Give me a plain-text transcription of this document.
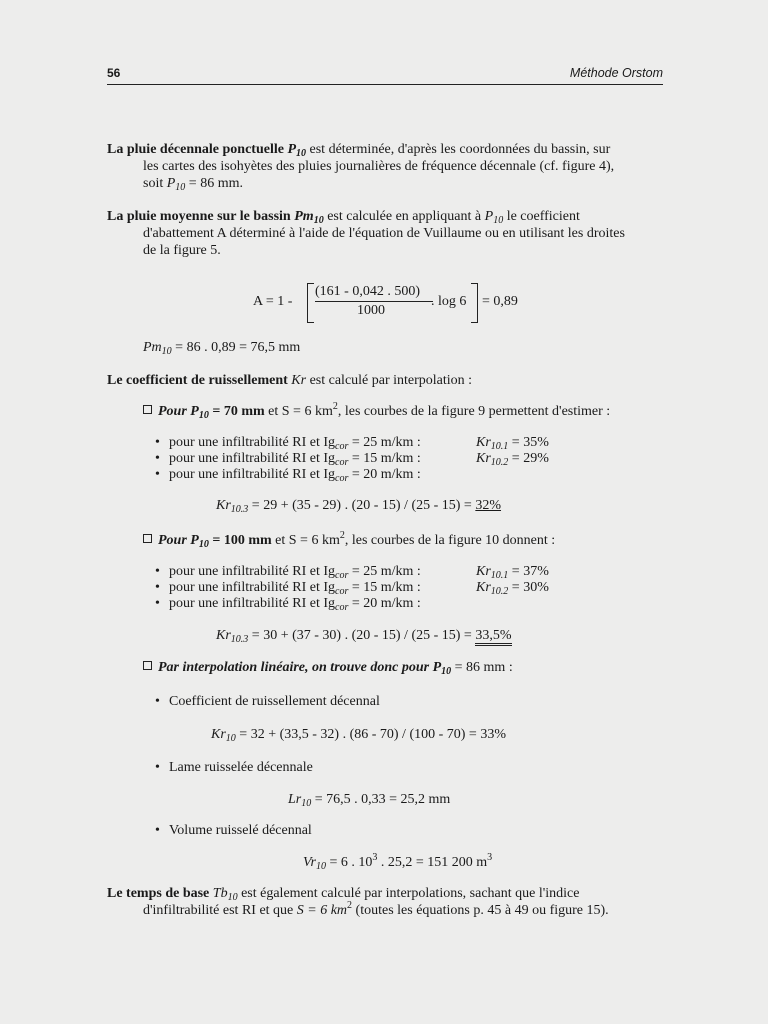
56	Méthode Orstom
La pluie décennale ponctuelle $P_{10}$ est déterminée, d'après les coordonnées du bassin, sur
les cartes des isohyètes des pluies journalières de fréquence décennale (cf. figure 4),
soit $P_{10} = 86$ mm.
La pluie moyenne sur le bassin $Pm_{10}$ est calculée en appliquant à $P_{10}$ le coefficient
d'abattement A déterminé à l'aide de l'équation de Vuillaume ou en utilisant les droites
de la figure 5.
A = 1 -
(161 - 0,042 . 500)
1000
. log 6 = 0,89
$Pm_{10} = 86$ . 0,89 = 76,5 mm
Le coefficient de ruissellement Kr est calculé par interpolation :
Pour $P_{10} = 70$ mm et S = 6 $km^2$, les courbes de la figure 9 permettent d'estimer :
• pour une infiltrabilité RI et $Ig_{cor} = 25$ m/km :	$Kr_{10.1} = 35\%$
• pour une infiltrabilité RI et $Ig_{cor} = 15$ m/km :	$Kr_{10.2} = 29\%$
• pour une infiltrabilité RI et $Ig_{cor} = 20$ m/km :
$Kr_{10.3} = 29 + (35 - 29)$ . (20 - 15) / (25 - 15) = 32%
Pour $P_{10} = 100$ mm et S = 6 $km^2$, les courbes de la figure 10 donnent :
• pour une infiltrabilité RI et $Ig_{cor} = 25$ m/km :	$Kr_{10.1} = 37\%$
• pour une infiltrabilité RI et $Ig_{cor} = 15$ m/km :	$Kr_{10.2} = 30\%$
• pour une infiltrabilité RI et $Ig_{cor} = 20$ m/km :
$Kr_{10.3} = 30 + (37 - 30)$ . (20 - 15) / (25 - 15) = 33,5%
Par interpolation linéaire, on trouve donc pour $P_{10} = 86$ mm :
• Coefficient de ruissellement décennal
$Kr_{10} = 32 + (33,5 - 32)$ . (86 - 70) / (100 - 70) = 33%
• Lame ruisselée décennale
$Lr_{10} = 76,5$ . 0,33 = 25,2 mm
• Volume ruisselé décennal
$Vr_{10} = 6$ . $10^3$ . 25,2 = 151 200 $m^3$
Le temps de base $Tb_{10}$ est également calculé par interpolations, sachant que l'indice
d'infiltrabilité est RI et que S = 6 $km^2$ (toutes les équations p. 45 à 49 ou figure 15).
